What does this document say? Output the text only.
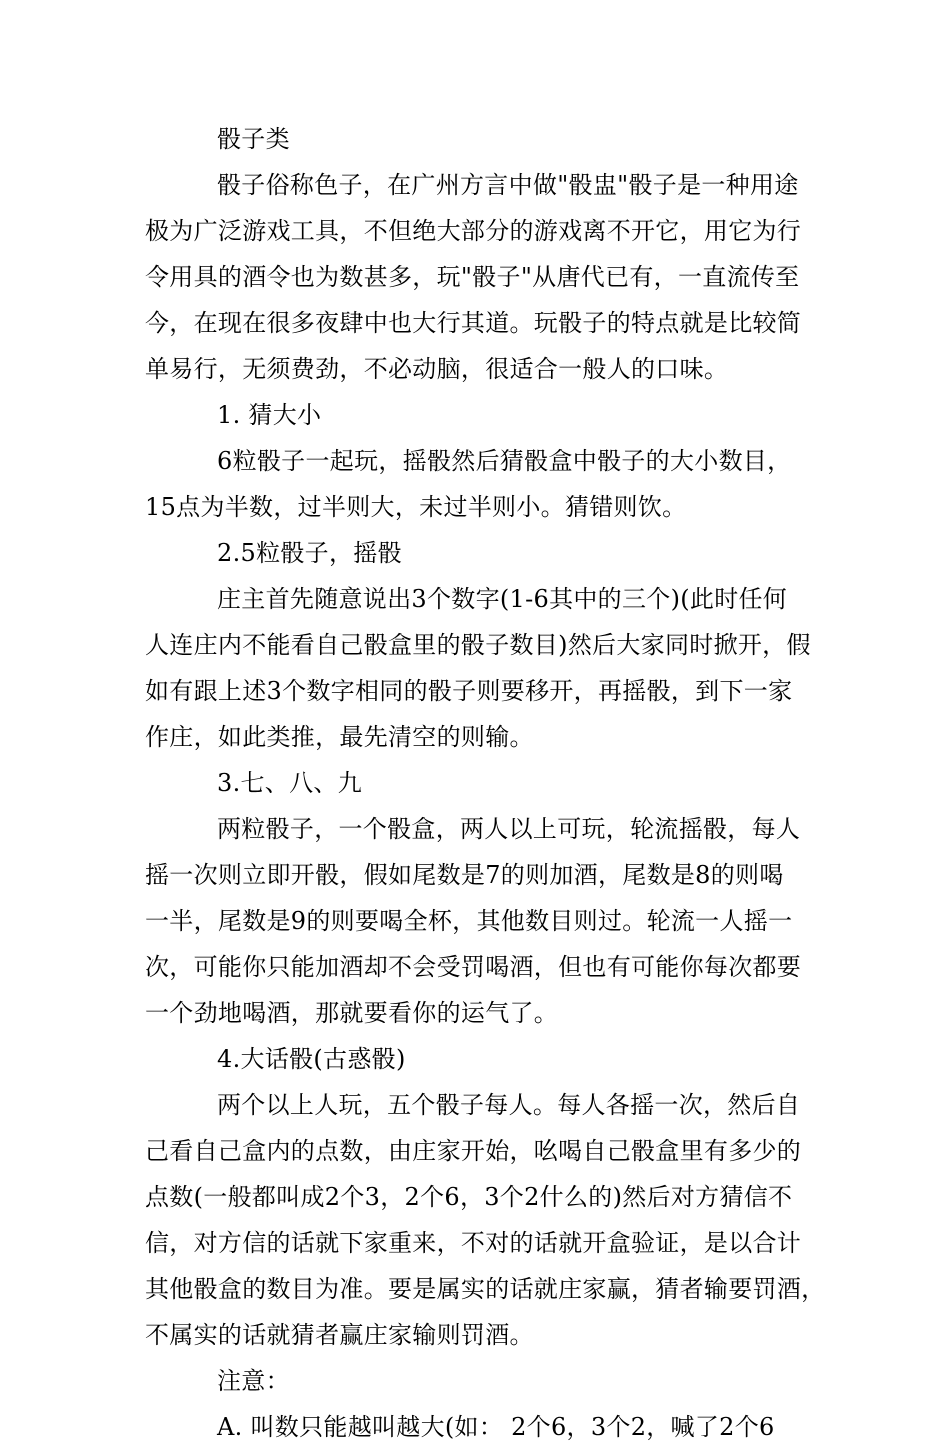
骰子类
骰子俗称色子，在广州方言中做"骰盅"骰子是一种用途
极为广泛游戏工具，不但绝大部分的游戏离不开它，用它为行
令用具的酒令也为数甚多，玩"骰子"从唐代已有，一直流传至
今，在现在很多夜肆中也大行其道。玩骰子的特点就是比较简
单易行，无须费劲，不必动脑，很适合一般人的口味。
1. 猜大小
6粒骰子一起玩，摇骰然后猜骰盒中骰子的大小数目，
15点为半数，过半则大，未过半则小。猜错则饮。
2.5粒骰子，摇骰
庄主首先随意说出3个数字(1-6其中的三个)(此时任何
人连庄内不能看自己骰盒里的骰子数目)然后大家同时掀开，假
如有跟上述3个数字相同的骰子则要移开，再摇骰，到下一家
作庄，如此类推，最先清空的则输。
3.七、八、九
两粒骰子，一个骰盒，两人以上可玩，轮流摇骰，每人
摇一次则立即开骰，假如尾数是7的则加酒，尾数是8的则喝
一半，尾数是9的则要喝全杯，其他数目则过。轮流一人摇一
次，可能你只能加酒却不会受罚喝酒，但也有可能你每次都要
一个劲地喝酒，那就要看你的运气了。
4.大话骰(古惑骰)
两个以上人玩，五个骰子每人。每人各摇一次，然后自
己看自己盒内的点数，由庄家开始，吆喝自己骰盒里有多少的
点数(一般都叫成2个3，2个6，3个2什么的)然后对方猜信不
信，对方信的话就下家重来，不对的话就开盒验证，是以合计
其他骰盒的数目为准。要是属实的话就庄家赢，猜者输要罚酒，
不属实的话就猜者赢庄家输则罚酒。
注意：
A. 叫数只能越叫越大(如： 2个6，3个2，喊了2个6
